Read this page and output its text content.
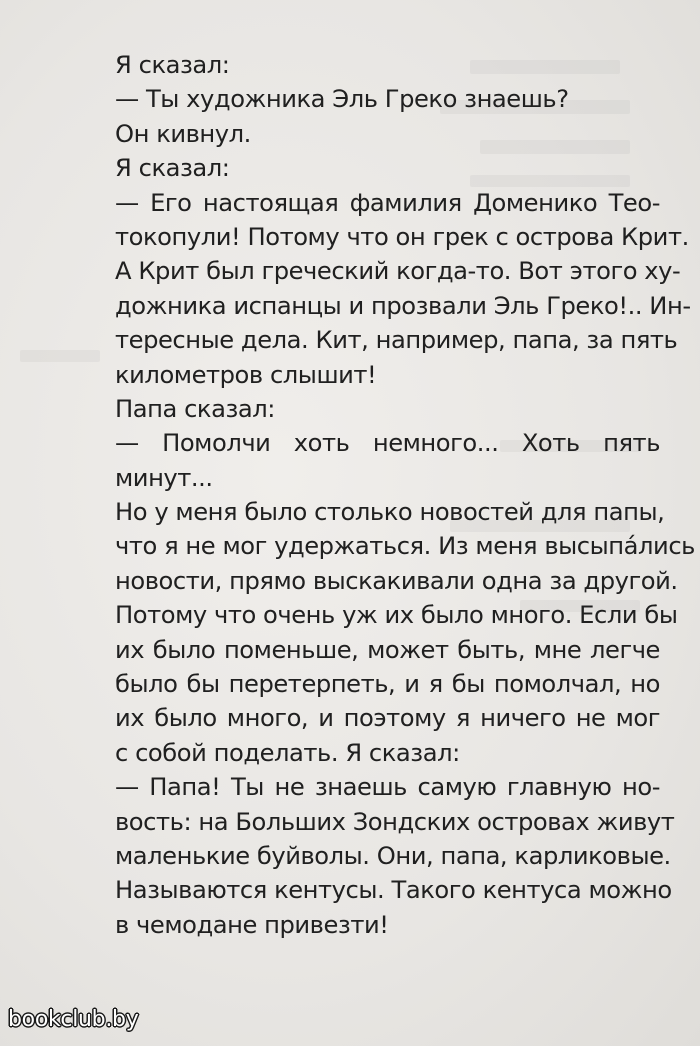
Я сказал:
— Ты художника Эль Греко знаешь?
Он кивнул.
Я сказал:
— Его настоящая фамилия Доменико Тео-
токопули! Потому что он грек с острова Крит.
А Крит был греческий когда-то. Вот этого ху-
дожника испанцы и прозвали Эль Греко!.. Ин-
тересные дела. Кит, например, папа, за пять
километров слышит!
Папа сказал:
— Помолчи хоть немного... Хоть пять
минут...
Но у меня было столько новостей для папы,
что я не мог удержаться. Из меня высыпáлись
новости, прямо выскакивали одна за другой.
Потому что очень уж их было много. Если бы
их было поменьше, может быть, мне легче
было бы перетерпеть, и я бы помолчал, но
их было много, и поэтому я ничего не мог
с собой поделать. Я сказал:
— Папа! Ты не знаешь самую главную но-
вость: на Больших Зондских островах живут
маленькие буйволы. Они, папа, карликовые.
Называются кентусы. Такого кентуса можно
в чемодане привезти!
bookclub.by
